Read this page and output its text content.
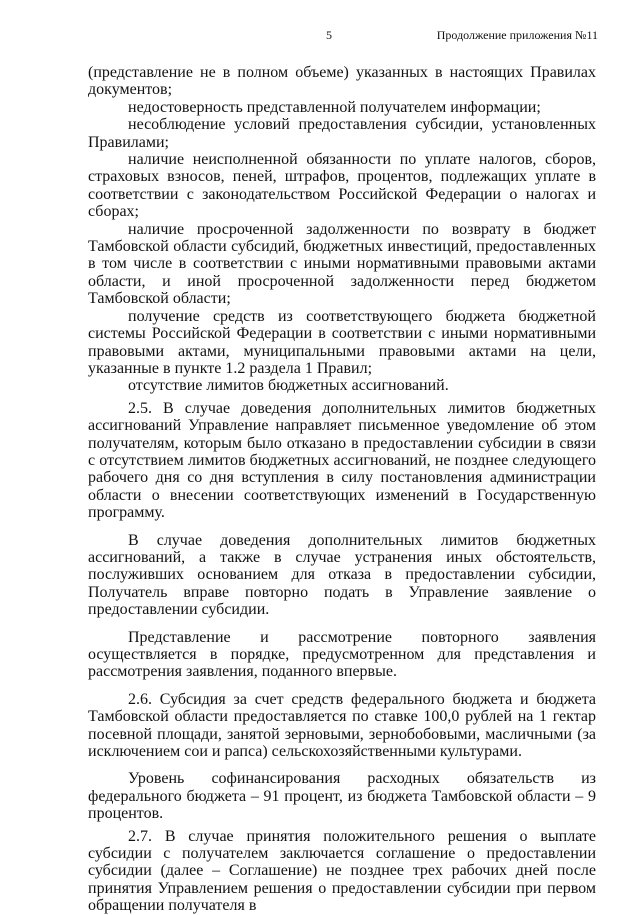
5	Продолжение приложения №11

(представление не в полном объеме) указанных в настоящих Правилах документов;

недостоверность представленной получателем информации;

несоблюдение условий предоставления субсидии, установленных Правилами;

наличие неисполненной обязанности по уплате налогов, сборов, страховых взносов, пеней, штрафов, процентов, подлежащих уплате в соответствии с законодательством Российской Федерации о налогах и сборах;

наличие просроченной задолженности по возврату в бюджет Тамбовской области субсидий, бюджетных инвестиций, предоставленных в том числе в соответствии с иными нормативными правовыми актами области, и иной просроченной задолженности перед бюджетом Тамбовской области;

получение средств из соответствующего бюджета бюджетной системы Российской Федерации в соответствии с иными нормативными правовыми актами, муниципальными правовыми актами на цели, указанные в пункте 1.2 раздела 1 Правил;

отсутствие лимитов бюджетных ассигнований.

2.5. В случае доведения дополнительных лимитов бюджетных ассигнований Управление направляет письменное уведомление об этом получателям, которым было отказано в предоставлении субсидии в связи с отсутствием лимитов бюджетных ассигнований, не позднее следующего рабочего дня со дня вступления в силу постановления администрации области о внесении соответствующих изменений в Государственную программу.

В случае доведения дополнительных лимитов бюджетных ассигнований, а также в случае устранения иных обстоятельств, послуживших основанием для отказа в предоставлении субсидии, Получатель вправе повторно подать в Управление заявление о предоставлении субсидии.

Представление и рассмотрение повторного заявления осуществляется в порядке, предусмотренном для представления и рассмотрения заявления, поданного впервые.

2.6. Субсидия за счет средств федерального бюджета и бюджета Тамбовской области предоставляется по ставке 100,0 рублей на 1 гектар посевной площади, занятой зерновыми, зернобобовыми, масличными (за исключением сои и рапса) сельскохозяйственными культурами.

Уровень софинансирования расходных обязательств из федерального бюджета – 91 процент, из бюджета Тамбовской области – 9 процентов.

2.7. В случае принятия положительного решения о выплате субсидии с получателем заключается соглашение о предоставлении субсидии (далее – Соглашение) не позднее трех рабочих дней после принятия Управлением решения о предоставлении субсидии при первом обращении получателя в
